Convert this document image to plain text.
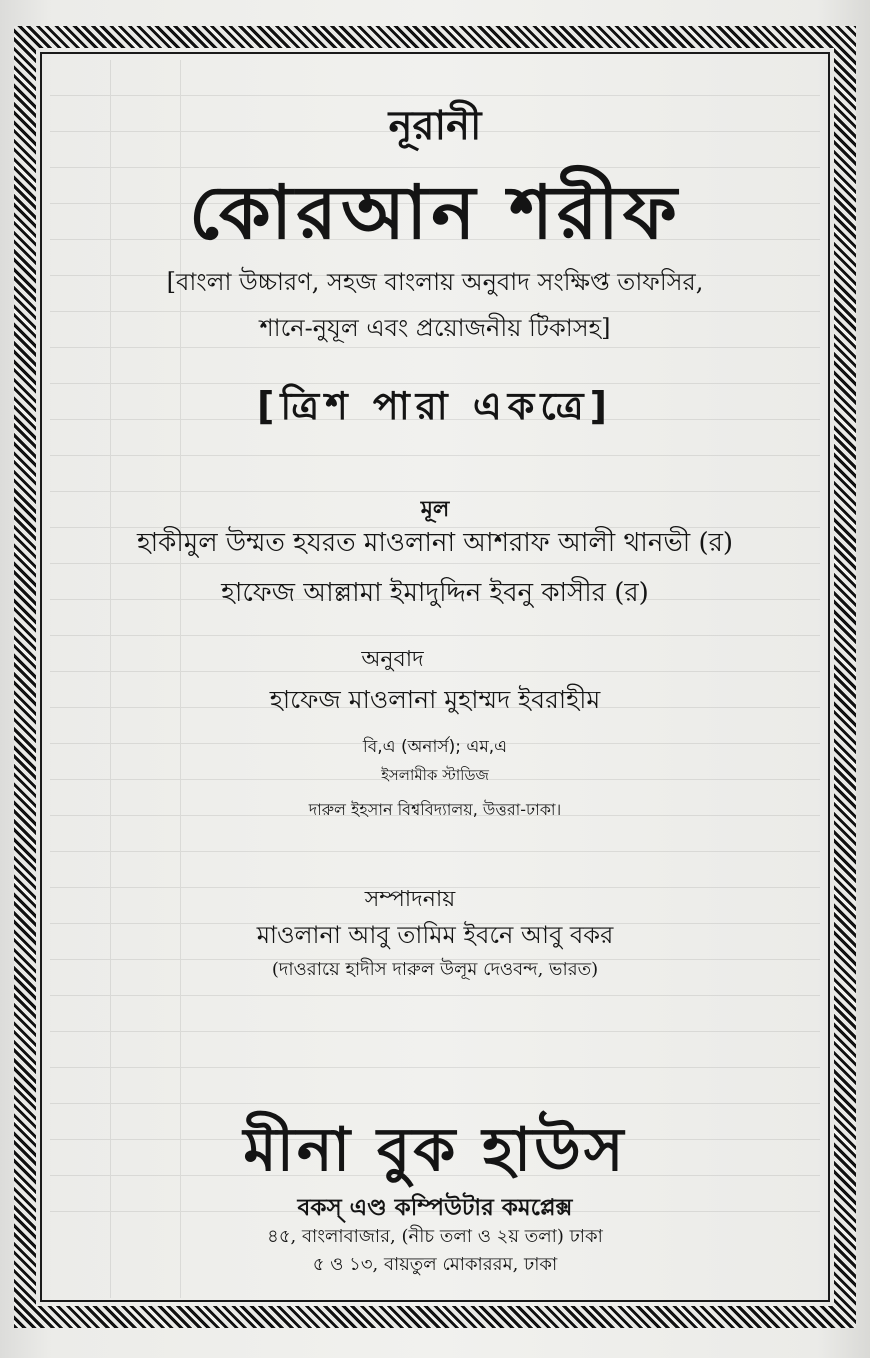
নূরানী
কোরআন শরীফ
[বাংলা উচ্চারণ, সহজ বাংলায় অনুবাদ সংক্ষিপ্ত তাফসির,
শানে-নুযূল এবং প্রয়োজনীয় টিকাসহ]
[ত্রিশ পারা একত্রে]
মূল
হাকীমুল উম্মত হযরত মাওলানা আশরাফ আলী থানভী (র)
হাফেজ আল্লামা ইমাদুদ্দিন ইবনু কাসীর (র)
অনুবাদ
হাফেজ মাওলানা মুহাম্মদ ইবরাহীম
বি,এ (অনার্স); এম,এ
ইসলামীক স্টাডিজ
দারুল ইহসান বিশ্ববিদ্যালয়, উত্তরা-ঢাকা।
সম্পাদনায়
মাওলানা আবু তামিম ইবনে আবু বকর
(দাওরায়ে হাদীস দারুল উলূম দেওবন্দ, ভারত)
মীনা বুক হাউস
বকস্ এণ্ড কম্পিউটার কমপ্লেক্স
৪৫, বাংলাবাজার, (নীচ তলা ও ২য় তলা) ঢাকা
৫ ও ১৩, বায়তুল মোকাররম, ঢাকা
